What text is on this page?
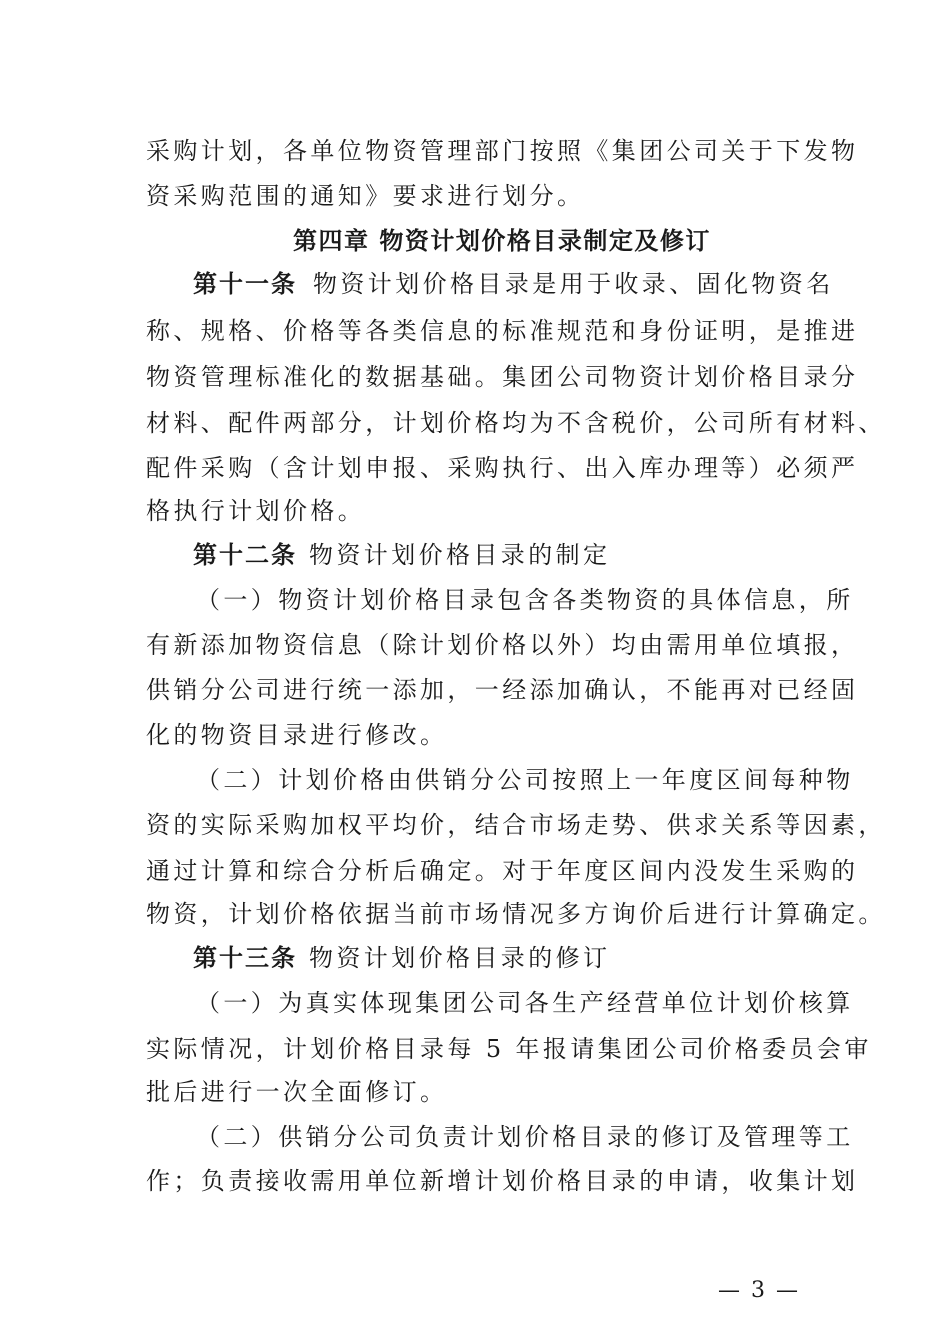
采购计划，各单位物资管理部门按照《集团公司关于下发物
资采购范围的通知》要求进行划分。
第四章 物资计划价格目录制定及修订
第十一条 物资计划价格目录是用于收录、固化物资名
称、规格、价格等各类信息的标准规范和身份证明，是推进
物资管理标准化的数据基础。集团公司物资计划价格目录分
材料、配件两部分，计划价格均为不含税价，公司所有材料、
配件采购（含计划申报、采购执行、出入库办理等）必须严
格执行计划价格。
第十二条 物资计划价格目录的制定
（一）物资计划价格目录包含各类物资的具体信息，所
有新添加物资信息（除计划价格以外）均由需用单位填报，
供销分公司进行统一添加，一经添加确认，不能再对已经固
化的物资目录进行修改。
（二）计划价格由供销分公司按照上一年度区间每种物
资的实际采购加权平均价，结合市场走势、供求关系等因素，
通过计算和综合分析后确定。对于年度区间内没发生采购的
物资，计划价格依据当前市场情况多方询价后进行计算确定。
第十三条 物资计划价格目录的修订
（一）为真实体现集团公司各生产经营单位计划价核算
实际情况，计划价格目录每 5 年报请集团公司价格委员会审
批后进行一次全面修订。
（二）供销分公司负责计划价格目录的修订及管理等工
作；负责接收需用单位新增计划价格目录的申请，收集计划
— 3 —
